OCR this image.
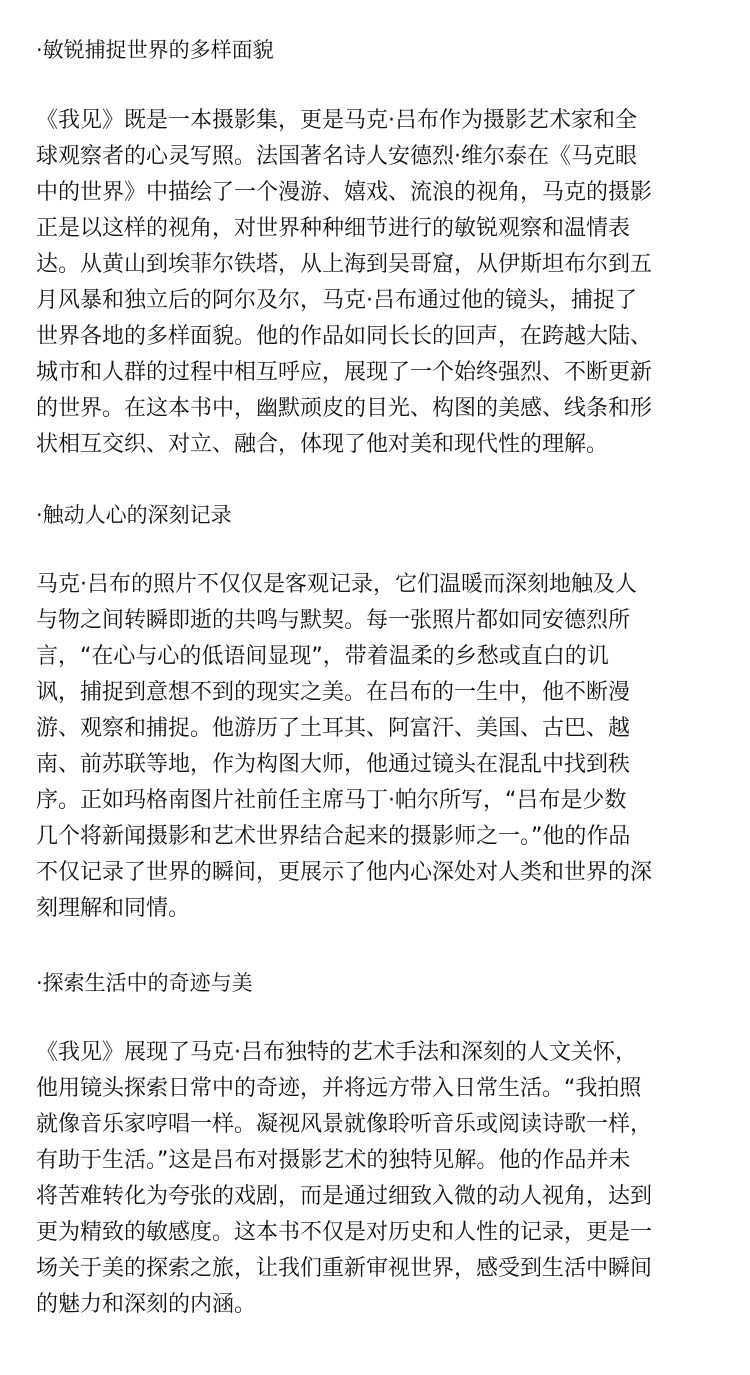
·敏锐捕捉世界的多样面貌
《我见》既是一本摄影集，更是马克·吕布作为摄影艺术家和全
球观察者的心灵写照。法国著名诗人安德烈·维尔泰在《马克眼
中的世界》中描绘了一个漫游、嬉戏、流浪的视角，马克的摄影
正是以这样的视角，对世界种种细节进行的敏锐观察和温情表
达。从黄山到埃菲尔铁塔，从上海到吴哥窟，从伊斯坦布尔到五
月风暴和独立后的阿尔及尔，马克·吕布通过他的镜头，捕捉了
世界各地的多样面貌。他的作品如同长长的回声，在跨越大陆、
城市和人群的过程中相互呼应，展现了一个始终强烈、不断更新
的世界。在这本书中，幽默顽皮的目光、构图的美感、线条和形
状相互交织、对立、融合，体现了他对美和现代性的理解。
·触动人心的深刻记录
马克·吕布的照片不仅仅是客观记录，它们温暖而深刻地触及人
与物之间转瞬即逝的共鸣与默契。每一张照片都如同安德烈所
言，“在心与心的低语间显现”，带着温柔的乡愁或直白的讥
讽，捕捉到意想不到的现实之美。在吕布的一生中，他不断漫
游、观察和捕捉。他游历了土耳其、阿富汗、美国、古巴、越
南、前苏联等地，作为构图大师，他通过镜头在混乱中找到秩
序。正如玛格南图片社前任主席马丁·帕尔所写，“吕布是少数
几个将新闻摄影和艺术世界结合起来的摄影师之一。”他的作品
不仅记录了世界的瞬间，更展示了他内心深处对人类和世界的深
刻理解和同情。
·探索生活中的奇迹与美
《我见》展现了马克·吕布独特的艺术手法和深刻的人文关怀，
他用镜头探索日常中的奇迹，并将远方带入日常生活。“我拍照
就像音乐家哼唱一样。凝视风景就像聆听音乐或阅读诗歌一样，
有助于生活。”这是吕布对摄影艺术的独特见解。他的作品并未
将苦难转化为夸张的戏剧，而是通过细致入微的动人视角，达到
更为精致的敏感度。这本书不仅是对历史和人性的记录，更是一
场关于美的探索之旅，让我们重新审视世界，感受到生活中瞬间
的魅力和深刻的内涵。
